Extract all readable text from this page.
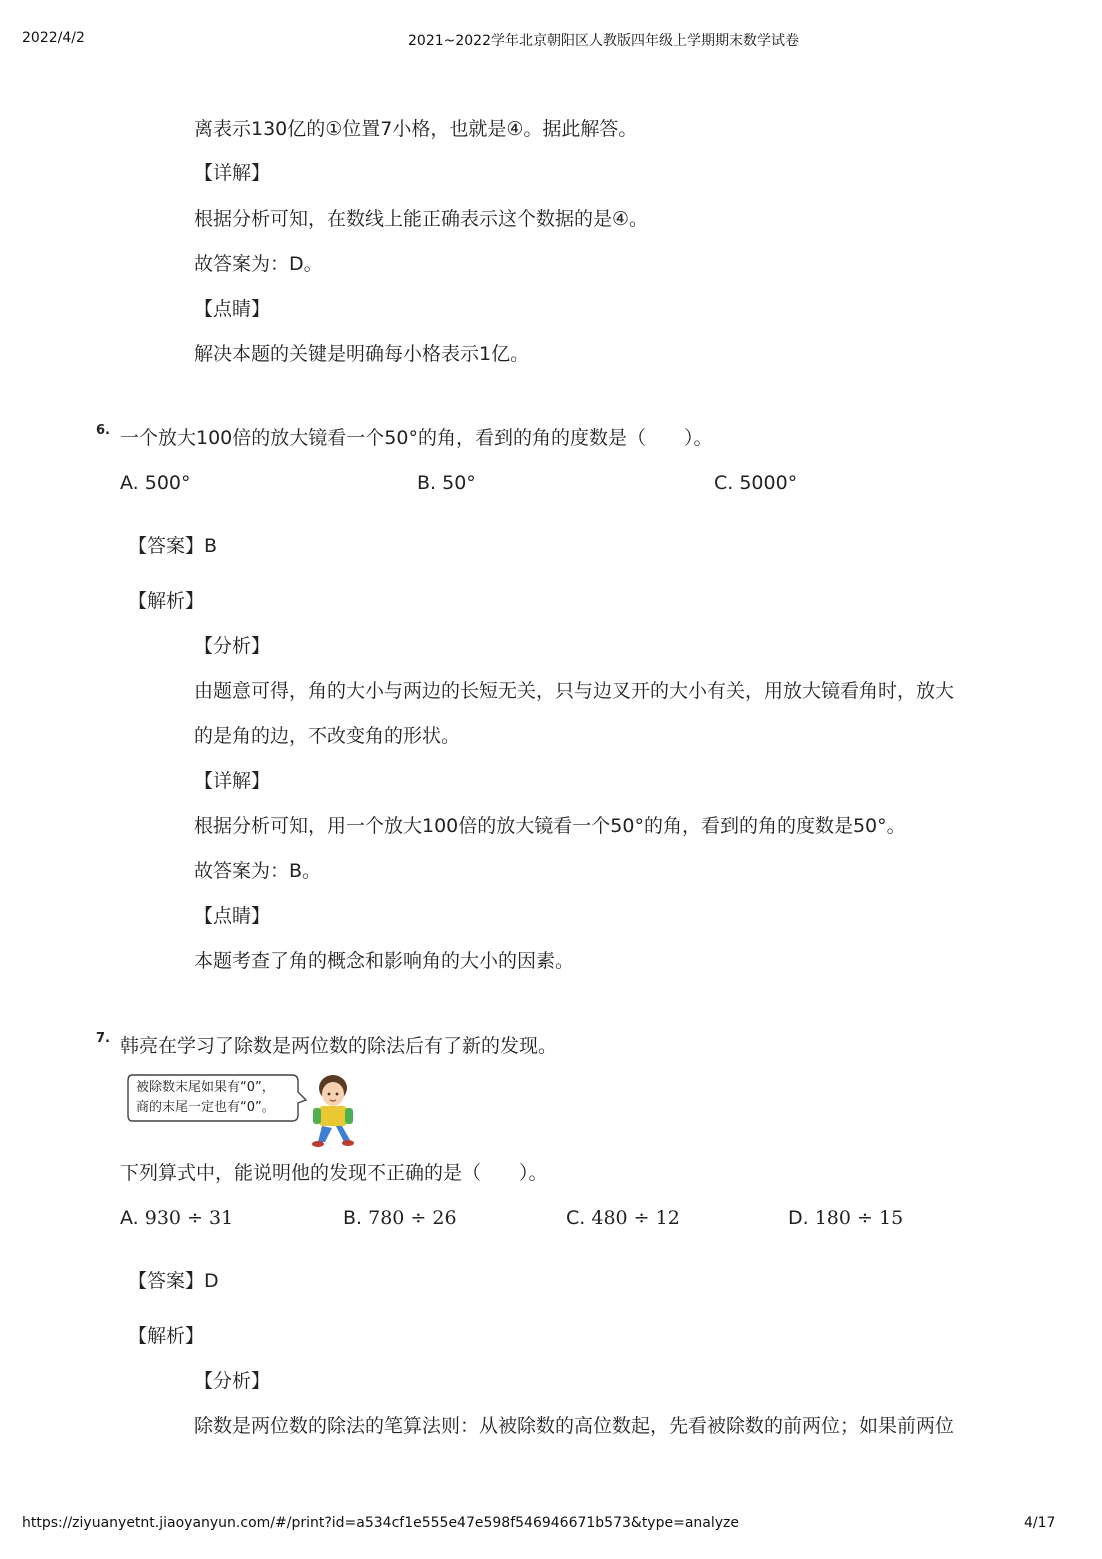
2022/4/2	2021~2022学年北京朝阳区人教版四年级上学期期末数学试卷
离表示130亿的①位置7小格，也就是④。据此解答。
【详解】
根据分析可知，在数线上能正确表示这个数据的是④。
故答案为：D。
【点睛】
解决本题的关键是明确每小格表示1亿。
6. 一个放大100倍的放大镜看一个50°的角，看到的角的度数是（　　）。
A. 500°	B. 50°	C. 5000°
【答案】B
【解析】
【分析】
由题意可得，角的大小与两边的长短无关，只与边叉开的大小有关，用放大镜看角时，放大
的是角的边，不改变角的形状。
【详解】
根据分析可知，用一个放大100倍的放大镜看一个50°的角，看到的角的度数是50°。
故答案为：B。
【点睛】
本题考查了角的概念和影响角的大小的因素。
7. 韩亮在学习了除数是两位数的除法后有了新的发现。
被除数末尾如果有“0”，
商的末尾一定也有“0”。
下列算式中，能说明他的发现不正确的是（　　）。
A. 930 ÷ 31	B. 780 ÷ 26	C. 480 ÷ 12	D. 180 ÷ 15
【答案】D
【解析】
【分析】
除数是两位数的除法的笔算法则：从被除数的高位数起，先看被除数的前两位；如果前两位
https://ziyuanyetnt.jiaoyanyun.com/#/print?id=a534cf1e555e47e598f546946671b573&type=analyze	4/17
